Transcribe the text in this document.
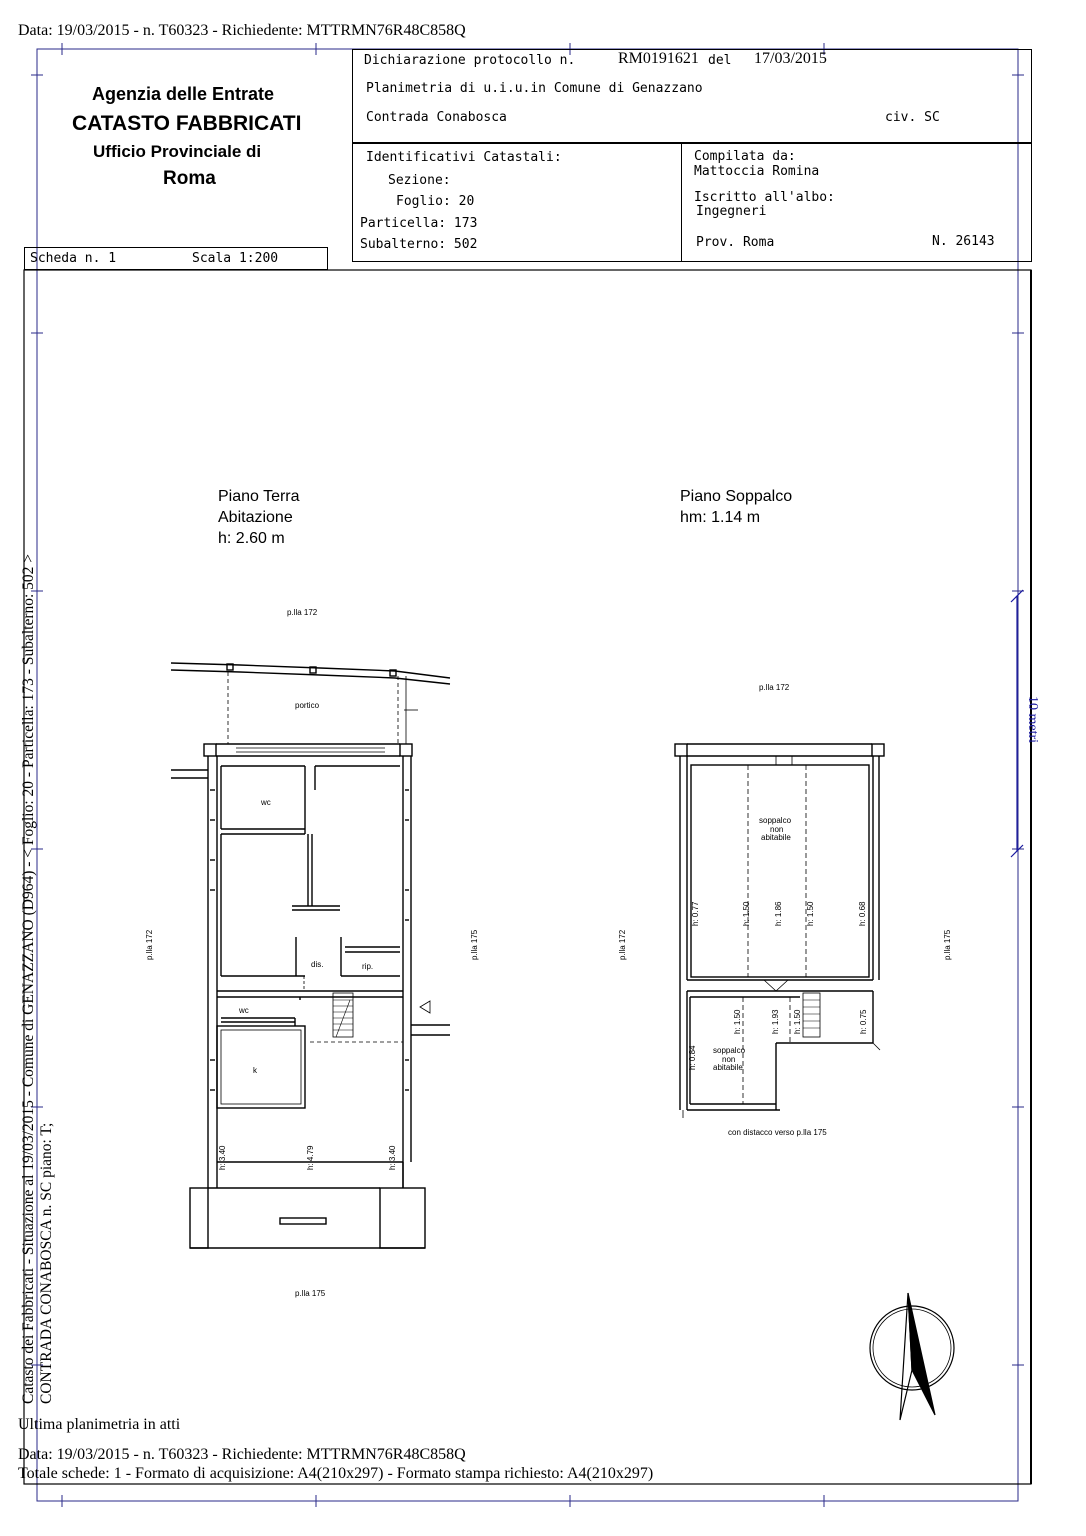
Data: 19/03/2015 - n. T60323 - Richiedente: MTTRMN76R48C858Q
Agenzia delle Entrate
CATASTO FABBRICATI
Ufficio Provinciale di
Roma
Scheda n. 1	Scala 1:200
Dichiarazione protocollo n.	RM0191621 del 17/03/2015
Planimetria di u.i.u.in Comune di Genazzano
Contrada Conabosca	civ. SC
Identificativi Catastali:
Sezione:
Foglio: 20
Particella: 173
Subalterno: 502
Compilata da:
Mattoccia Romina
Iscritto all'albo:
Ingegneri
Prov. Roma	N. 26143
Catasto dei Fabbricati - Situazione al 19/03/2015 - Comune di GENAZZANO (D964) - < Foglio: 20 - Particella: 173 - Subalterno: 502 > CONTRADA CONABOSCA n. SC piano: T;
Piano Terra
Abitazione
h: 2.60 m
p.lla 172
portico
wc
dis.	rip.
wc
k
p.lla 175
p.lla 172	p.lla 175
h: 3.40	h: 4.79	h: 3.40
Piano Soppalco
hm: 1.14 m
p.lla 172
soppalco
non
abitabile
soppalco
non
abitabile
con distacco verso p.lla 175
p.lla 172	p.lla 175
h: 0.77	h: 1.50	h: 1.86	h: 1.50	h: 0.68
h: 0.84
h: 1.50	h: 1.93 h: 1.50	h: 0.75
10 metri
Ultima planimetria in atti
Data: 19/03/2015 - n. T60323 - Richiedente: MTTRMN76R48C858Q
Totale schede: 1 - Formato di acquisizione: A4(210x297) - Formato stampa richiesto: A4(210x297)
